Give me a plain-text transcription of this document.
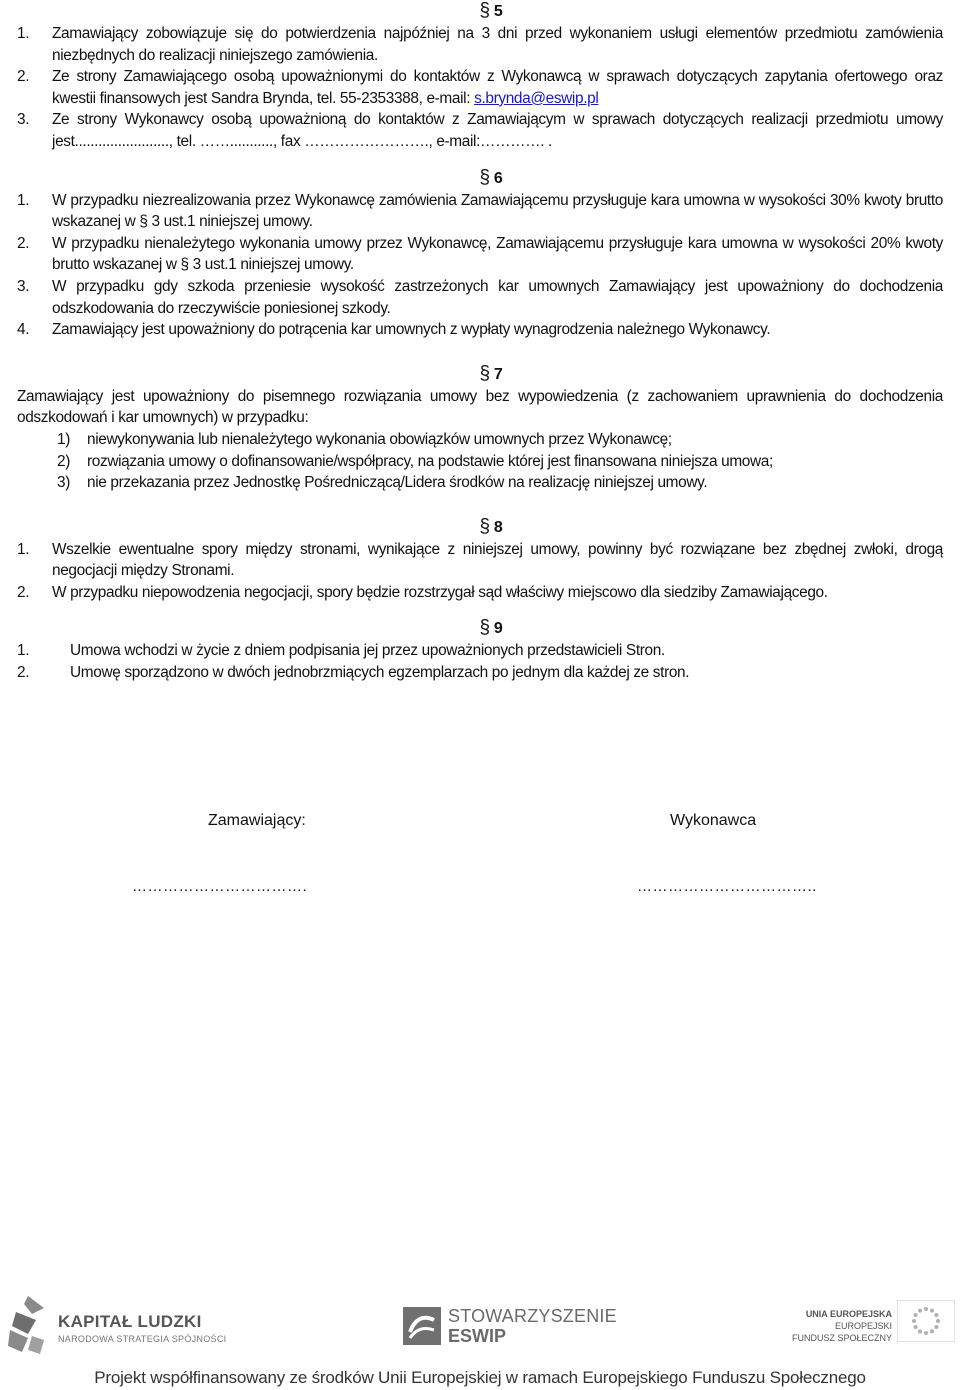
§ 5
1. Zamawiający zobowiązuje się do potwierdzenia najpóźniej na 3 dni przed wykonaniem usługi elementów przedmiotu zamówienia niezbędnych do realizacji niniejszego zamówienia.
2. Ze strony Zamawiającego osobą upoważnionymi do kontaktów z Wykonawcą w sprawach dotyczących zapytania ofertowego oraz kwestii finansowych jest Sandra Brynda, tel. 55-2353388, e-mail: s.brynda@eswip.pl
3. Ze strony Wykonawcy osobą upoważnioną do kontaktów z Zamawiającym w sprawach dotyczących realizacji przedmiotu umowy jest........................, tel. ……..........., fax ……………………., e-mail:…………. .
§ 6
1. W przypadku niezrealizowania przez Wykonawcę zamówienia Zamawiającemu przysługuje kara umowna w wysokości 30% kwoty brutto wskazanej w § 3 ust.1 niniejszej umowy.
2. W przypadku nienależytego wykonania umowy przez Wykonawcę, Zamawiającemu przysługuje kara umowna w wysokości 20% kwoty brutto wskazanej w § 3 ust.1 niniejszej umowy.
3. W przypadku gdy szkoda przeniesie wysokość zastrzeżonych kar umownych Zamawiający jest upoważniony do dochodzenia odszkodowania do rzeczywiście poniesionej szkody.
4. Zamawiający jest upoważniony do potrącenia kar umownych z wypłaty wynagrodzenia należnego Wykonawcy.
§ 7
Zamawiający jest upoważniony do pisemnego rozwiązania umowy bez wypowiedzenia (z zachowaniem uprawnienia do dochodzenia odszkodowań i kar umownych) w przypadku:
1) niewykonywania lub nienależytego wykonania obowiązków umownych przez Wykonawcę;
2) rozwiązania umowy o dofinansowanie/współpracy, na podstawie której jest finansowana niniejsza umowa;
3) nie przekazania przez Jednostkę Pośredniczącą/Lidera środków na realizację niniejszej umowy.
§ 8
1. Wszelkie ewentualne spory między stronami, wynikające z niniejszej umowy, powinny być rozwiązane bez zbędnej zwłoki, drogą negocjacji między Stronami.
2. W przypadku niepowodzenia negocjacji, spory będzie rozstrzygał sąd właściwy miejscowo dla siedziby Zamawiającego.
§ 9
1.	Umowa wchodzi w życie z dniem podpisania jej przez upoważnionych przedstawicieli Stron.
2.	Umowę sporządzono w dwóch jednobrzmiących egzemplarzach po jednym dla każdej ze stron.
Zamawiający:	Wykonawca
…………………………….	……………………………..
KAPITAŁ LUDZKI
NARODOWA STRATEGIA SPÓJNOŚCI
STOWARZYSZENIE
ESWIP
UNIA EUROPEJSKA
EUROPEJSKI
FUNDUSZ SPOŁECZNY
Projekt współfinansowany ze środków Unii Europejskiej w ramach Europejskiego Funduszu Społecznego
